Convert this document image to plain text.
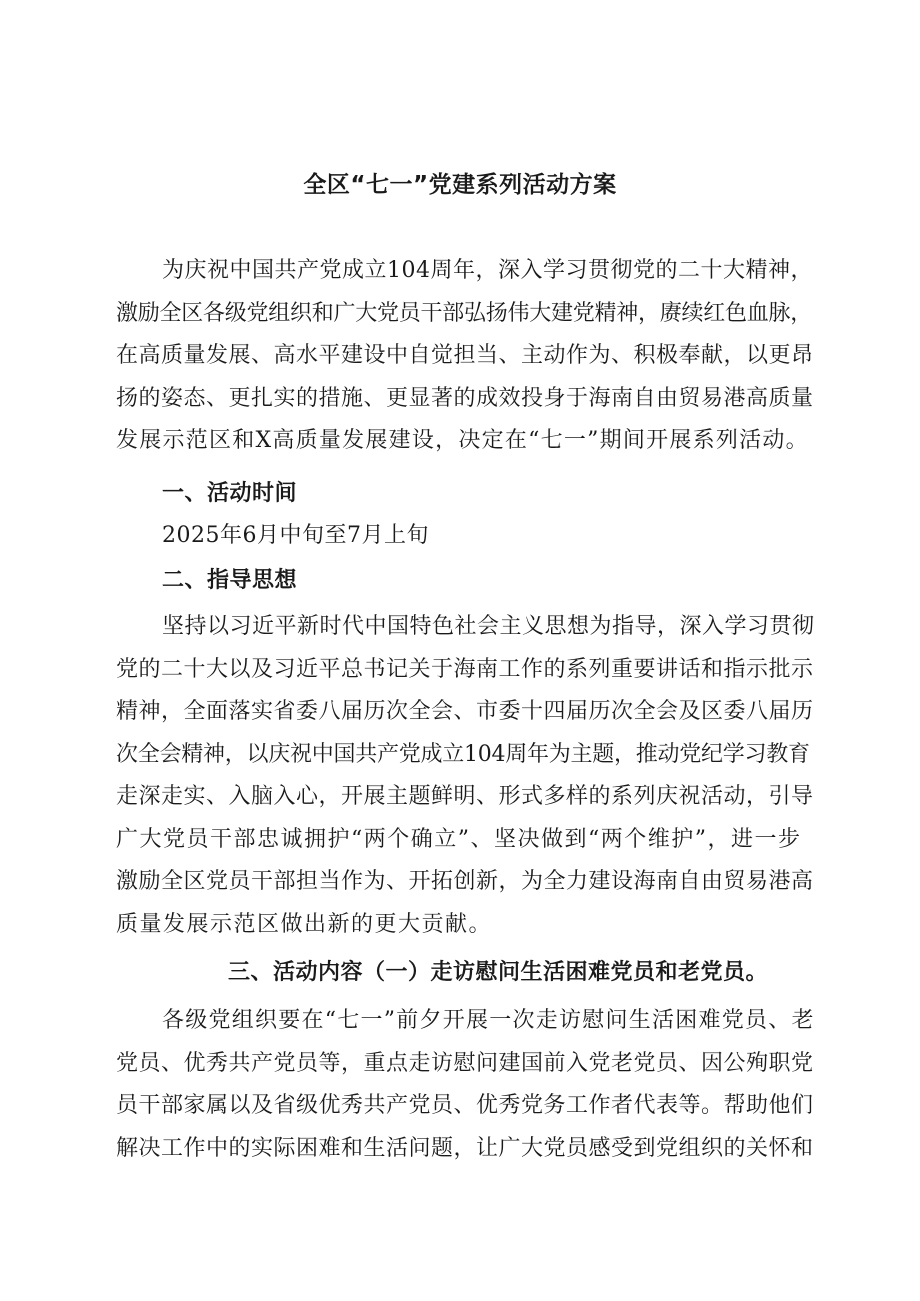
全区“七一”党建系列活动方案
为庆祝中国共产党成立104周年，深入学习贯彻党的二十大精神，
激励全区各级党组织和广大党员干部弘扬伟大建党精神，赓续红色血脉，
在高质量发展、高水平建设中自觉担当、主动作为、积极奉献，以更昂
扬的姿态、更扎实的措施、更显著的成效投身于海南自由贸易港高质量
发展示范区和X高质量发展建设，决定在“七一”期间开展系列活动。
一、活动时间

2025年6月中旬至7月上旬

二、指导思想
坚持以习近平新时代中国特色社会主义思想为指导，深入学习贯彻
党的二十大以及习近平总书记关于海南工作的系列重要讲话和指示批示
精神，全面落实省委八届历次全会、市委十四届历次全会及区委八届历
次全会精神，以庆祝中国共产党成立104周年为主题，推动党纪学习教育
走深走实、入脑入心，开展主题鲜明、形式多样的系列庆祝活动，引导
广大党员干部忠诚拥护“两个确立”、坚决做到“两个维护”，进一步
激励全区党员干部担当作为、开拓创新，为全力建设海南自由贸易港高
质量发展示范区做出新的更大贡献。
三、活动内容（一）走访慰问生活困难党员和老党员。
各级党组织要在“七一”前夕开展一次走访慰问生活困难党员、老
党员、优秀共产党员等，重点走访慰问建国前入党老党员、因公殉职党
员干部家属以及省级优秀共产党员、优秀党务工作者代表等。帮助他们
解决工作中的实际困难和生活问题，让广大党员感受到党组织的关怀和
